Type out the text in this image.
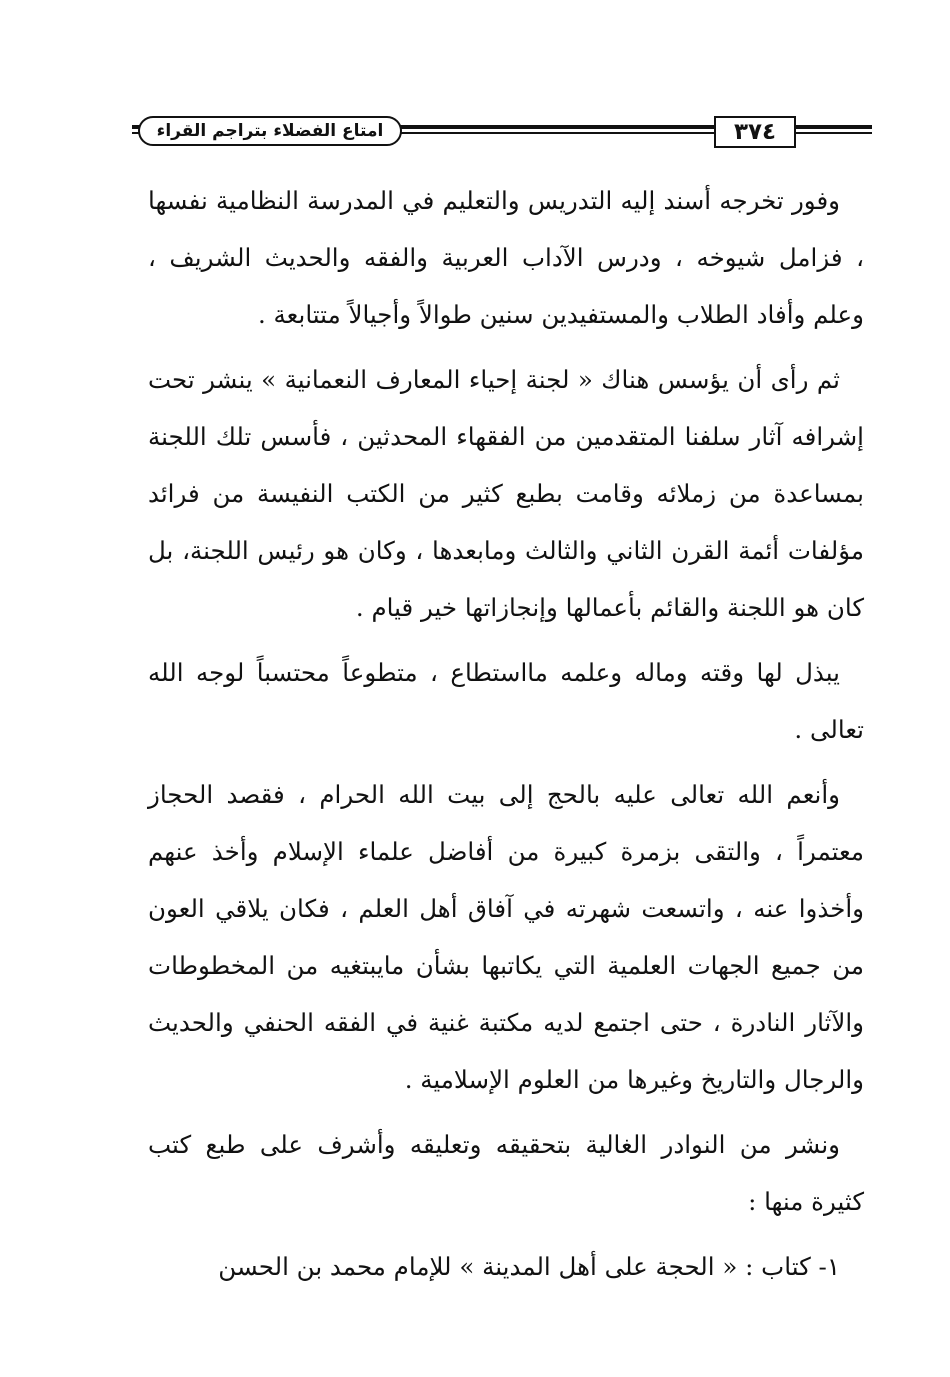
امتاع الفضلاء بتراجم القراء	٣٧٤

وفور تخرجه أسند إليه التدريس والتعليم في المدرسة النظامية نفسها ، فزامل شيوخه ، ودرس الآداب العربية والفقه والحديث الشريف ، وعلم وأفاد الطلاب والمستفيدين سنين طوالاً وأجيالاً متتابعة .

ثم رأى أن يؤسس هناك « لجنة إحياء المعارف النعمانية » ينشر تحت إشرافه آثار سلفنا المتقدمين من الفقهاء المحدثين ، فأسس تلك اللجنة بمساعدة من زملائه وقامت بطبع كثير من الكتب النفيسة من فرائد مؤلفات أئمة القرن الثاني والثالث ومابعدها ، وكان هو رئيس اللجنة، بل كان هو اللجنة والقائم بأعمالها وإنجازاتها خير قيام .

يبذل لها وقته وماله وعلمه مااستطاع ، متطوعاً محتسباً لوجه الله تعالى .

وأنعم الله تعالى عليه بالحج إلى بيت الله الحرام ، فقصد الحجاز معتمراً ، والتقى بزمرة كبيرة من أفاضل علماء الإسلام وأخذ عنهم وأخذوا عنه ، واتسعت شهرته في آفاق أهل العلم ، فكان يلاقي العون من جميع الجهات العلمية التي يكاتبها بشأن مايبتغيه من المخطوطات والآثار النادرة ، حتى اجتمع لديه مكتبة غنية في الفقه الحنفي والحديث والرجال والتاريخ وغيرها من العلوم الإسلامية .

ونشر من النوادر الغالية بتحقيقه وتعليقه وأشرف على طبع كتب كثيرة منها :

١- كتاب : « الحجة على أهل المدينة » للإمام محمد بن الحسن
